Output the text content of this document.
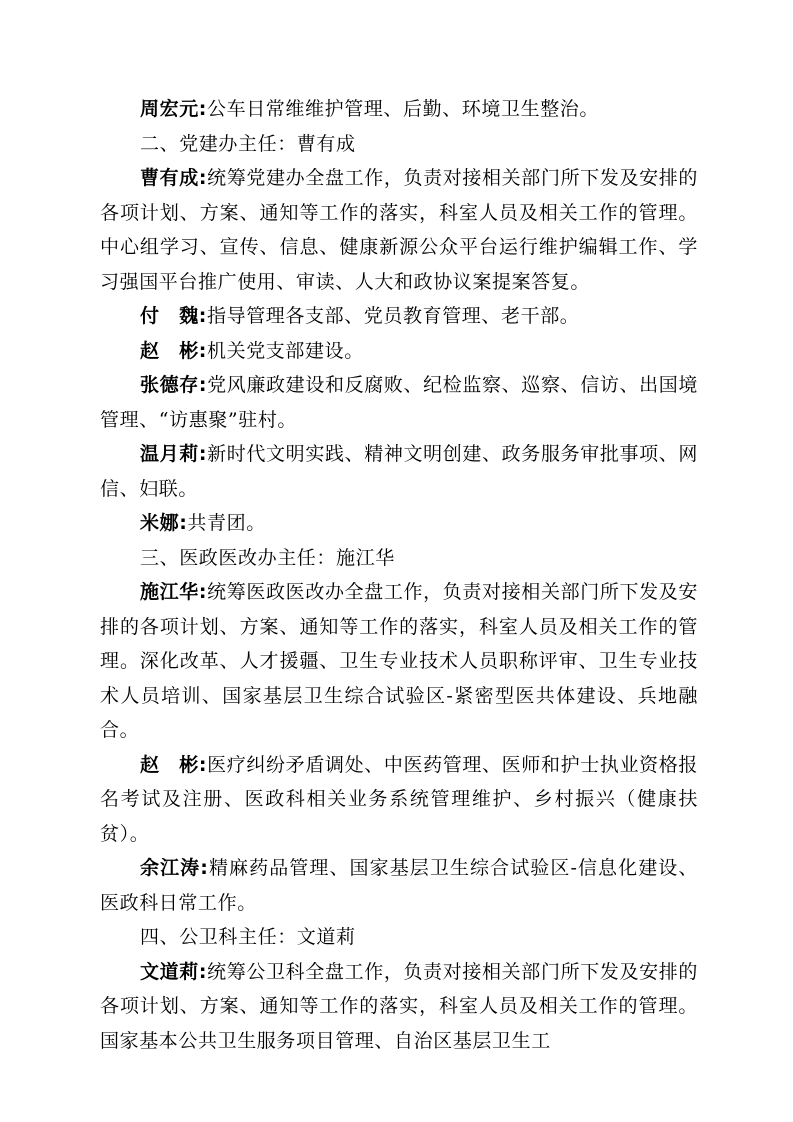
周宏元:公车日常维维护管理、后勤、环境卫生整治。

二、党建办主任：曹有成

曹有成:统筹党建办全盘工作，负责对接相关部门所下发及安排的各项计划、方案、通知等工作的落实，科室人员及相关工作的管理。中心组学习、宣传、信息、健康新源公众平台运行维护编辑工作、学习强国平台推广使用、审读、人大和政协议案提案答复。

付　魏:指导管理各支部、党员教育管理、老干部。

赵　彬:机关党支部建设。

张德存:党风廉政建设和反腐败、纪检监察、巡察、信访、出国境管理、“访惠聚”驻村。

温月莉:新时代文明实践、精神文明创建、政务服务审批事项、网信、妇联。

米娜:共青团。

三、医政医改办主任：施江华

施江华:统筹医政医改办全盘工作，负责对接相关部门所下发及安排的各项计划、方案、通知等工作的落实，科室人员及相关工作的管理。深化改革、人才援疆、卫生专业技术人员职称评审、卫生专业技术人员培训、国家基层卫生综合试验区-紧密型医共体建设、兵地融合。

赵　彬:医疗纠纷矛盾调处、中医药管理、医师和护士执业资格报名考试及注册、医政科相关业务系统管理维护、乡村振兴（健康扶贫）。

余江涛:精麻药品管理、国家基层卫生综合试验区-信息化建设、医政科日常工作。

四、公卫科主任：文道莉

文道莉:统筹公卫科全盘工作，负责对接相关部门所下发及安排的各项计划、方案、通知等工作的落实，科室人员及相关工作的管理。国家基本公共卫生服务项目管理、自治区基层卫生工
